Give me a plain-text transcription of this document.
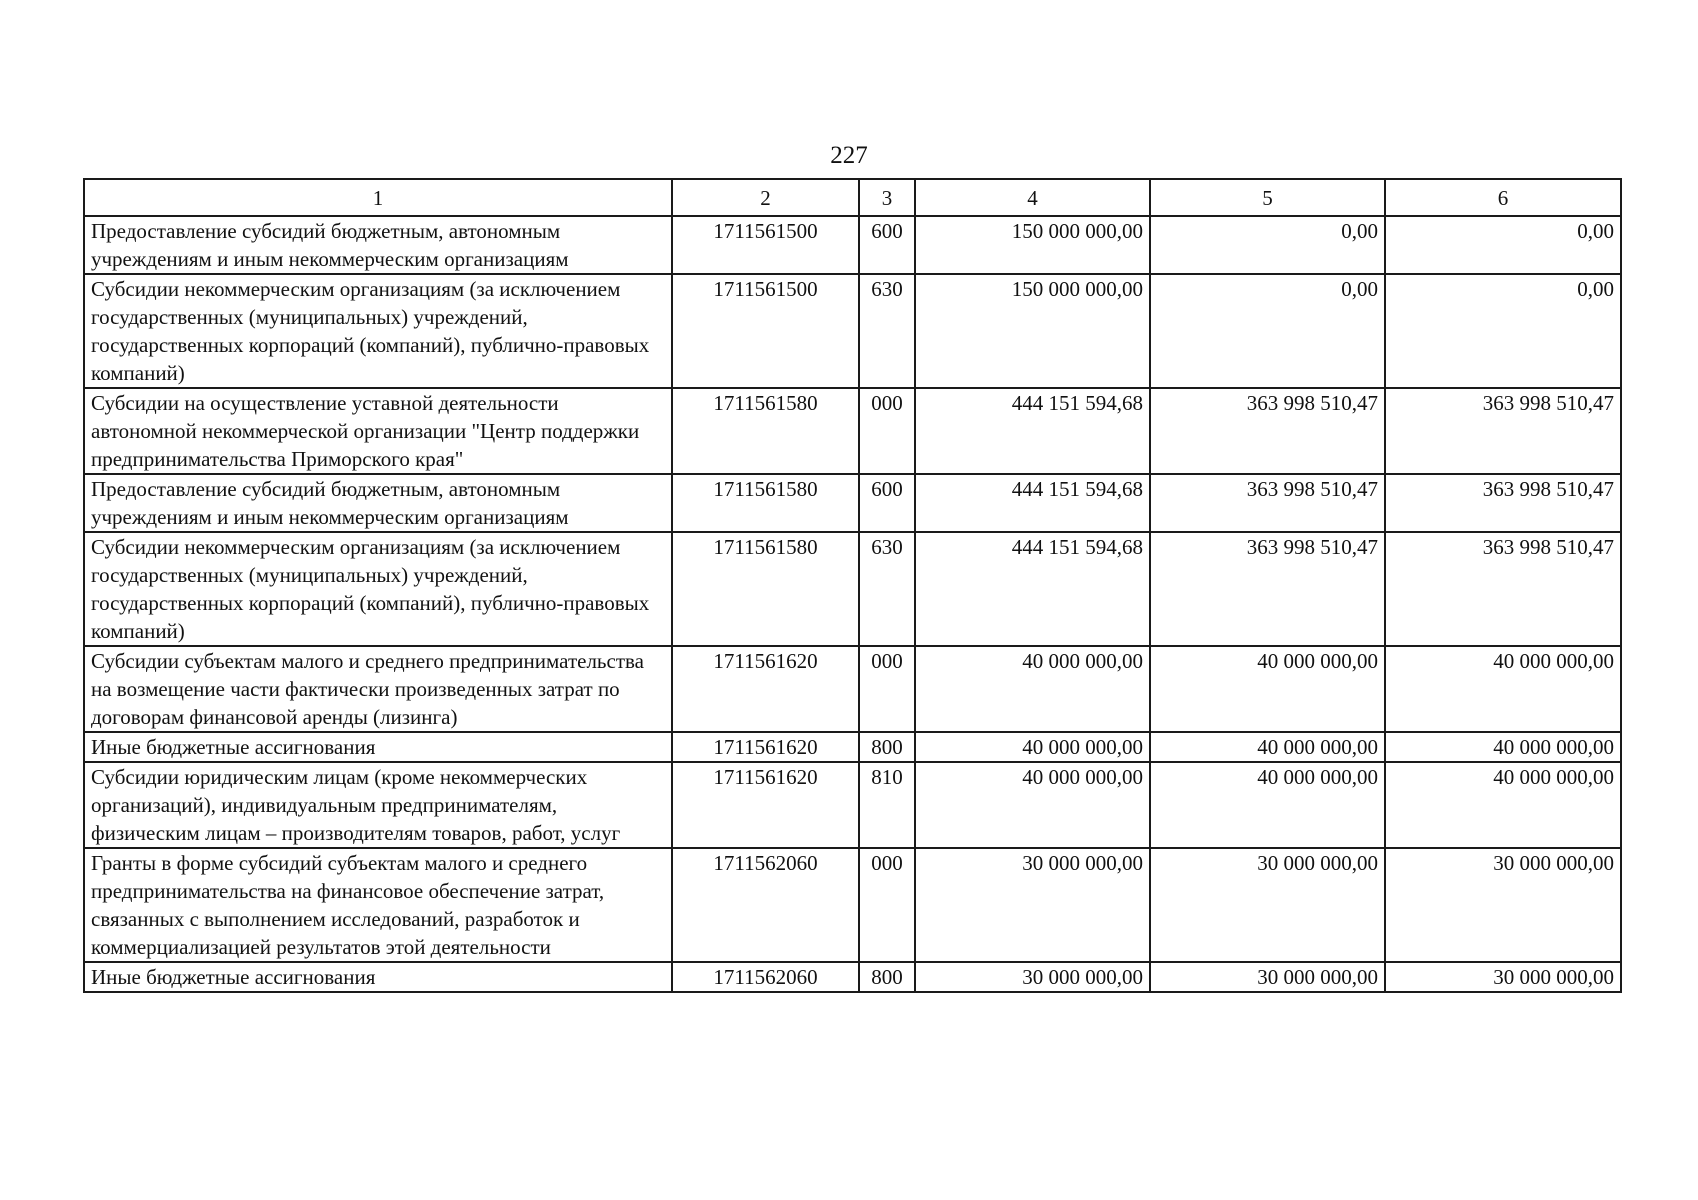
227
1	2	3	4	5	6
Предоставление субсидий бюджетным, автономным учреждениям и иным некоммерческим организациям	1711561500	600	150 000 000,00	0,00	0,00
Субсидии некоммерческим организациям (за исключением государственных (муниципальных) учреждений, государственных корпораций (компаний), публично-правовых компаний)	1711561500	630	150 000 000,00	0,00	0,00
Субсидии на осуществление уставной деятельности автономной некоммерческой организации "Центр поддержки предпринимательства Приморского края"	1711561580	000	444 151 594,68	363 998 510,47	363 998 510,47
Предоставление субсидий бюджетным, автономным учреждениям и иным некоммерческим организациям	1711561580	600	444 151 594,68	363 998 510,47	363 998 510,47
Субсидии некоммерческим организациям (за исключением государственных (муниципальных) учреждений, государственных корпораций (компаний), публично-правовых компаний)	1711561580	630	444 151 594,68	363 998 510,47	363 998 510,47
Субсидии субъектам малого и среднего предпринимательства на возмещение части фактически произведенных затрат по договорам финансовой аренды (лизинга)	1711561620	000	40 000 000,00	40 000 000,00	40 000 000,00
Иные бюджетные ассигнования	1711561620	800	40 000 000,00	40 000 000,00	40 000 000,00
Субсидии юридическим лицам (кроме некоммерческих организаций), индивидуальным предпринимателям, физическим лицам – производителям товаров, работ, услуг	1711561620	810	40 000 000,00	40 000 000,00	40 000 000,00
Гранты в форме субсидий субъектам малого и среднего предпринимательства на финансовое обеспечение затрат, связанных с выполнением исследований, разработок и коммерциализацией результатов этой деятельности	1711562060	000	30 000 000,00	30 000 000,00	30 000 000,00
Иные бюджетные ассигнования	1711562060	800	30 000 000,00	30 000 000,00	30 000 000,00
